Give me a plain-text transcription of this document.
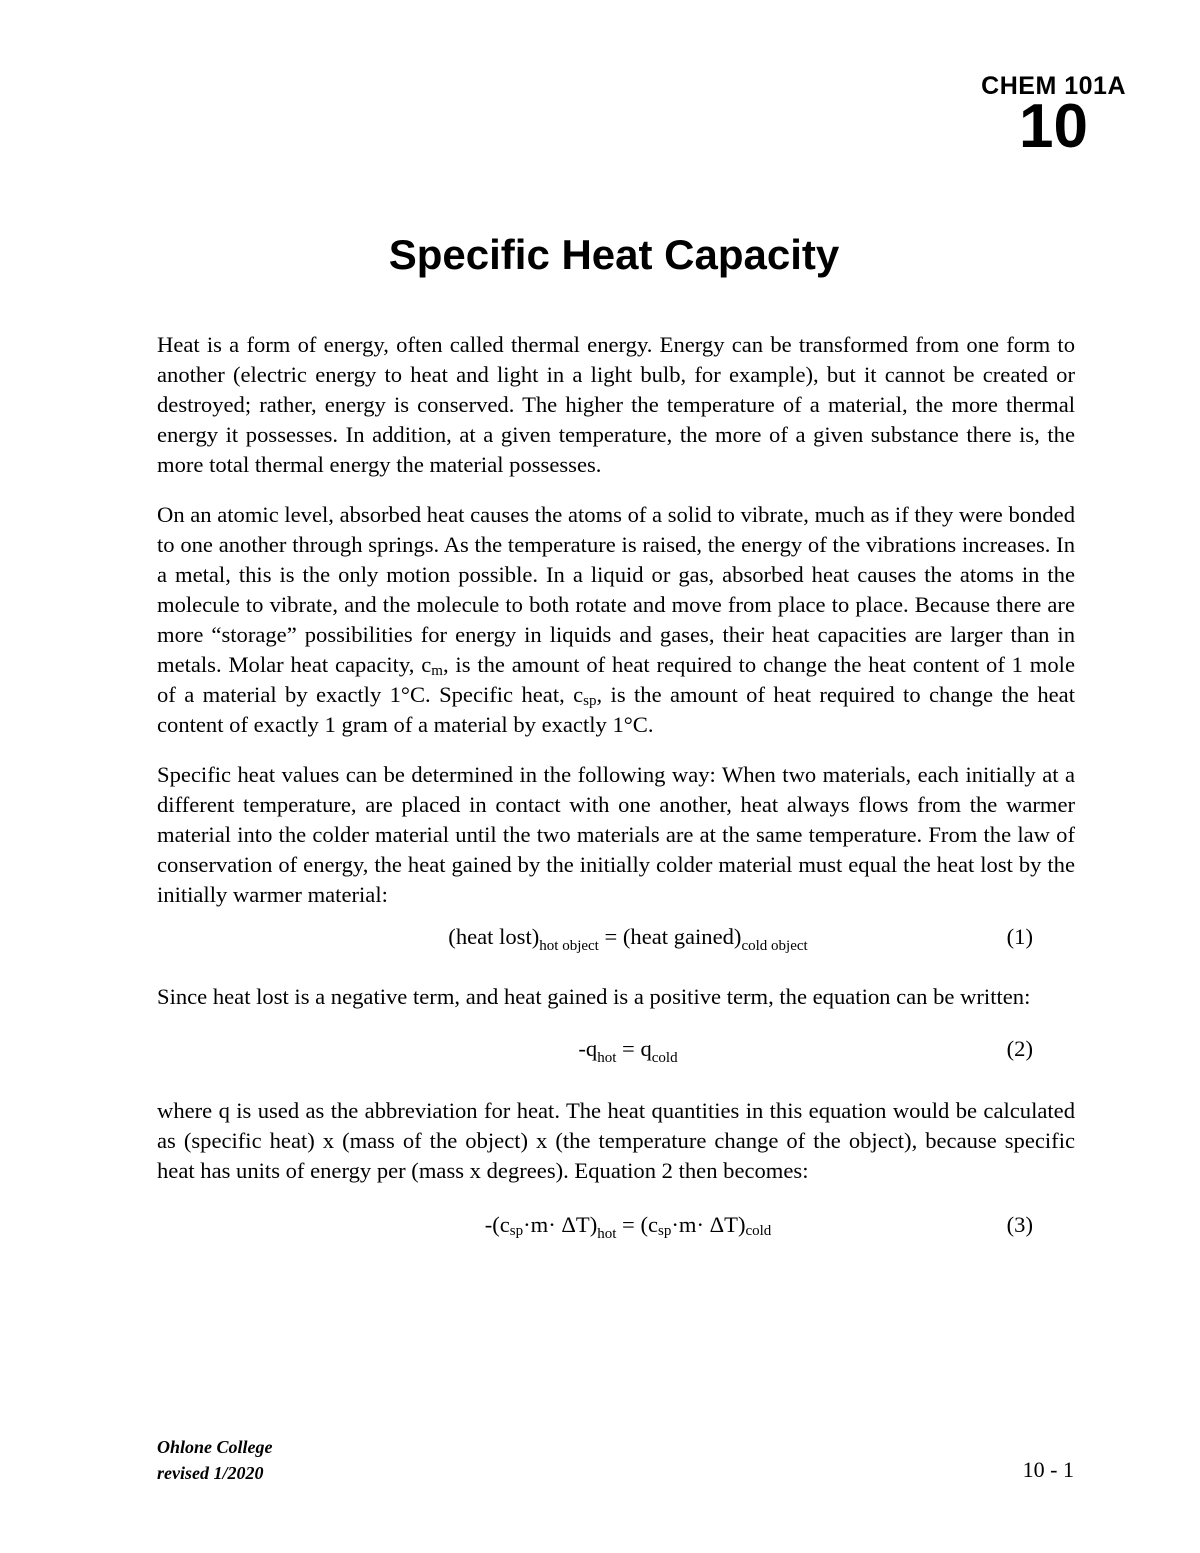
CHEM 101A
10
Specific Heat Capacity

Heat is a form of energy, often called thermal energy. Energy can be transformed from one form to another (electric energy to heat and light in a light bulb, for example), but it cannot be created or destroyed; rather, energy is conserved. The higher the temperature of a material, the more thermal energy it possesses. In addition, at a given temperature, the more of a given substance there is, the more total thermal energy the material possesses.

On an atomic level, absorbed heat causes the atoms of a solid to vibrate, much as if they were bonded to one another through springs. As the temperature is raised, the energy of the vibrations increases. In a metal, this is the only motion possible. In a liquid or gas, absorbed heat causes the atoms in the molecule to vibrate, and the molecule to both rotate and move from place to place. Because there are more “storage” possibilities for energy in liquids and gases, their heat capacities are larger than in metals. Molar heat capacity, cm, is the amount of heat required to change the heat content of 1 mole of a material by exactly 1°C. Specific heat, csp, is the amount of heat required to change the heat content of exactly 1 gram of a material by exactly 1°C.

Specific heat values can be determined in the following way: When two materials, each initially at a different temperature, are placed in contact with one another, heat always flows from the warmer material into the colder material until the two materials are at the same temperature. From the law of conservation of energy, the heat gained by the initially colder material must equal the heat lost by the initially warmer material:

(heat $lost)_{hot object}$ = (heat $gained)_{cold object}$	(1)

Since heat lost is a negative term, and heat gained is a positive term, the equation can be written:

$-q_{hot} = q_{cold}$	(2)

where q is used as the abbreviation for heat. The heat quantities in this equation would be calculated as (specific heat) x (mass of the object) x (the temperature change of the object), because specific heat has units of energy per (mass x degrees). Equation 2 then becomes:

$-(csp\cdot m\cdot \Delta T)_{hot} = (csp\cdot m\cdot$ ΔT)cold	(3)
Ohlone College
revised 1/2020	10 - 1
